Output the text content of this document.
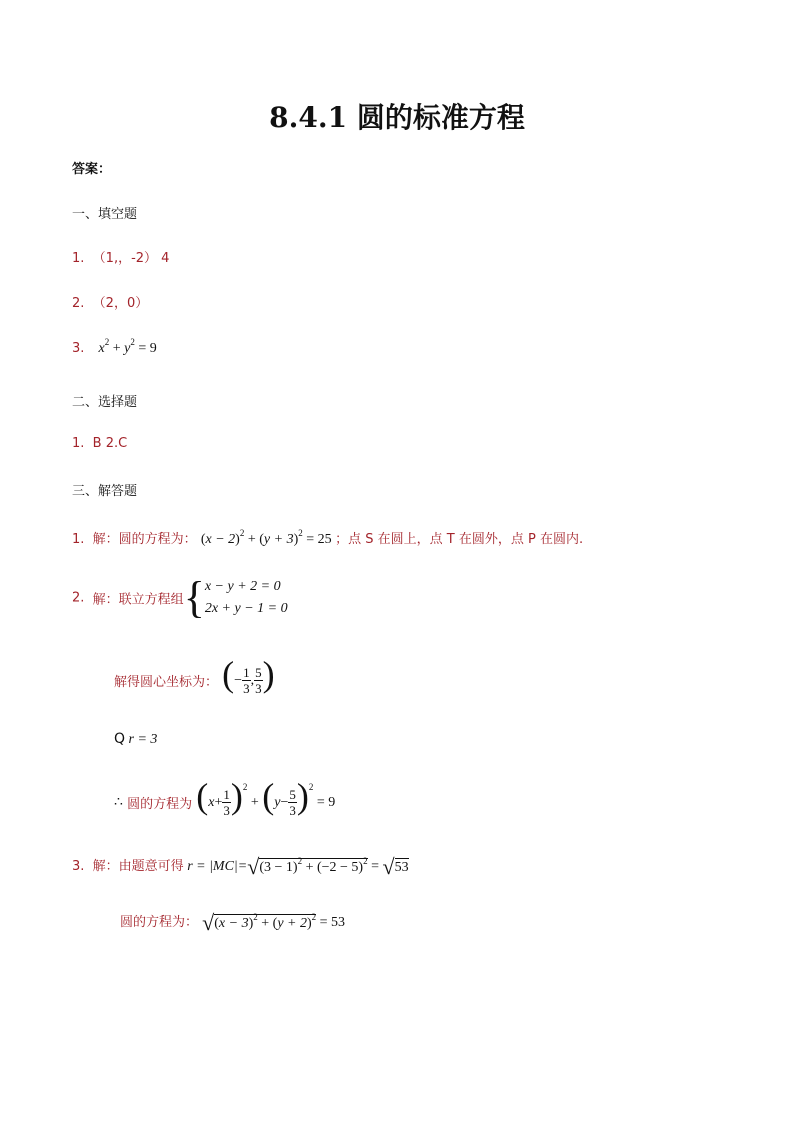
8.4.1 圆的标准方程
答案：
一、填空题
1. （1,，-2） 4
2. （2，0）
3. $x^2 + y^2 = 9$
二、选择题
1. B 2.C
三、解答题
1. 解：圆的方程为： $(x - 2)^2 + (y + 3)^2 = 25$ ；点 S 在圆上，点 T 在圆外，点 P 在圆内.
2. 解：联立方程组{ x − y + 2 = 0
2x + y − 1 = 0
解得圆心坐标为： (− $\frac{1}{3}$ , $\frac{5}{3}$ )
Q r = 3
∴ 圆的方程为 $(x+ \frac{1}{3} )^2 + (y- \frac{5}{3} )^2 = 9$
3. 解：由题意可得 $r = |MC|=√(3 - 1)^2 + (-2 - 5)^2 = √53$
圆的方程为： $√(x - 3)^2 + (y + 2)^2 = 53$
